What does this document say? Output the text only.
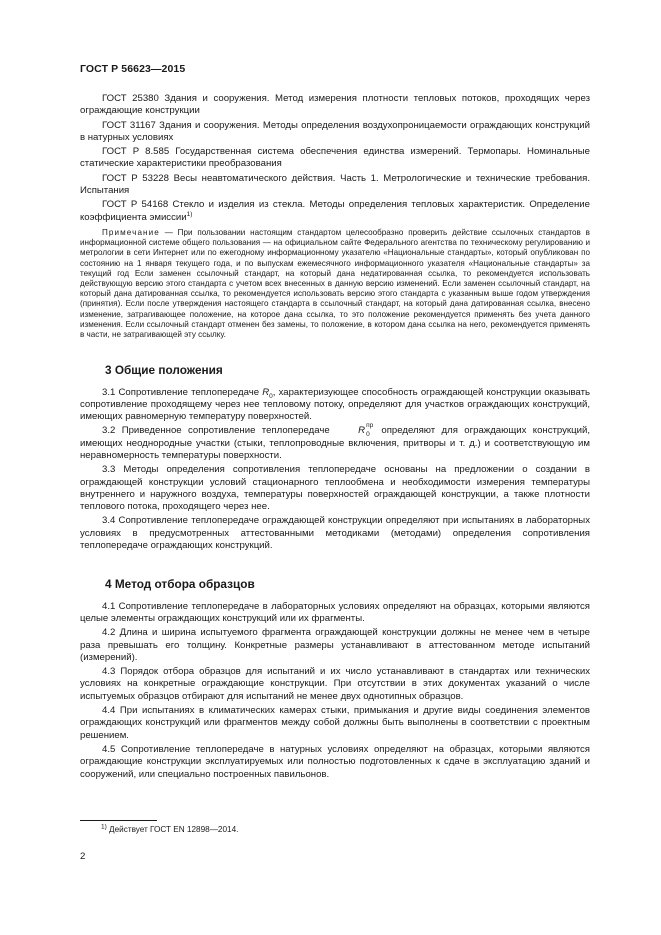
ГОСТ Р 56623—2015
ГОСТ 25380 Здания и сооружения. Метод измерения плотности тепловых потоков, проходящих через ограждающие конструкции
ГОСТ 31167 Здания и сооружения. Методы определения воздухопроницаемости ограждающих конструкций в натурных условиях
ГОСТ Р 8.585 Государственная система обеспечения единства измерений. Термопары. Номинальные статические характеристики преобразования
ГОСТ Р 53228 Весы неавтоматического действия. Часть 1. Метрологические и технические требования. Испытания
ГОСТ Р 54168 Стекло и изделия из стекла. Методы определения тепловых характеристик. Определение коэффициента эмиссии$^{1)}$
Примечание — При пользовании настоящим стандартом целесообразно проверить действие ссылочных стандартов в информационной системе общего пользования — на официальном сайте Федерального агентства по техническому регулированию и метрологии в сети Интернет или по ежегодному информационному указателю «Национальные стандарты», который опубликован по состоянию на 1 января текущего года, и по выпускам ежемесячного информационного указателя «Национальные стандарты» за текущий год Если заменен ссылочный стандарт, на который дана недатированная ссылка, то рекомендуется использовать действующую версию этого стандарта с учетом всех внесенных в данную версию изменений. Если заменен ссылочный стандарт, на который дана датированная ссылка, то рекомендуется использовать версию этого стандарта с указанным выше годом утверждения (принятия). Если после утверждения настоящего стандарта в ссылочный стандарт, на который дана датированная ссылка, внесено изменение, затрагивающее положение, на которое дана ссылка, то это положение рекомендуется применять без учета данного изменения. Если ссылочный стандарт отменен без замены, то положение, в котором дана ссылка на него, рекомендуется применять в части, не затрагивающей эту ссылку.
3 Общие положения
3.1 Сопротивление теплопередаче $R_0$, характеризующее способность ограждающей конструкции оказывать сопротивление проходящему через нее тепловому потоку, определяют для участков ограждающих конструкций, имеющих равномерную температуру поверхностей.
3.2 Приведенное сопротивление теплопередаче R пр
0 определяют для ограждающих конструкций, имеющих неоднородные участки (стыки, теплопроводные включения, притворы и т. д.) и соответствующую им неравномерность температуры поверхности.
3.3 Методы определения сопротивления теплопередаче основаны на предложении о создании в ограждающей конструкции условий стационарного теплообмена и необходимости измерения температуры внутреннего и наружного воздуха, температуры поверхностей ограждающей конструкции, а также плотности теплового потока, проходящего через нее.
3.4 Сопротивление теплопередаче ограждающей конструкции определяют при испытаниях в лабораторных условиях в предусмотренных аттестованными методиками (методами) определения сопротивления теплопередаче ограждающих конструкций.
4 Метод отбора образцов
4.1 Сопротивление теплопередаче в лабораторных условиях определяют на образцах, которыми являются целые элементы ограждающих конструкций или их фрагменты.
4.2 Длина и ширина испытуемого фрагмента ограждающей конструкции должны не менее чем в четыре раза превышать его толщину. Конкретные размеры устанавливают в аттестованном методе испытаний (измерений).
4.3 Порядок отбора образцов для испытаний и их число устанавливают в стандартах или технических условиях на конкретные ограждающие конструкции. При отсутствии в этих документах указаний о числе испытуемых образцов отбирают для испытаний не менее двух однотипных образцов.
4.4 При испытаниях в климатических камерах стыки, примыкания и другие виды соединения элементов ограждающих конструкций или фрагментов между собой должны быть выполнены в соответствии с проектным решением.
4.5 Сопротивление теплопередаче в натурных условиях определяют на образцах, которыми являются ограждающие конструкции эксплуатируемых или полностью подготовленных к сдаче в эксплуатацию зданий и сооружений, или специально построенных павильонов.
$^{1)}$ Действует ГОСТ EN 12898—2014.
2
